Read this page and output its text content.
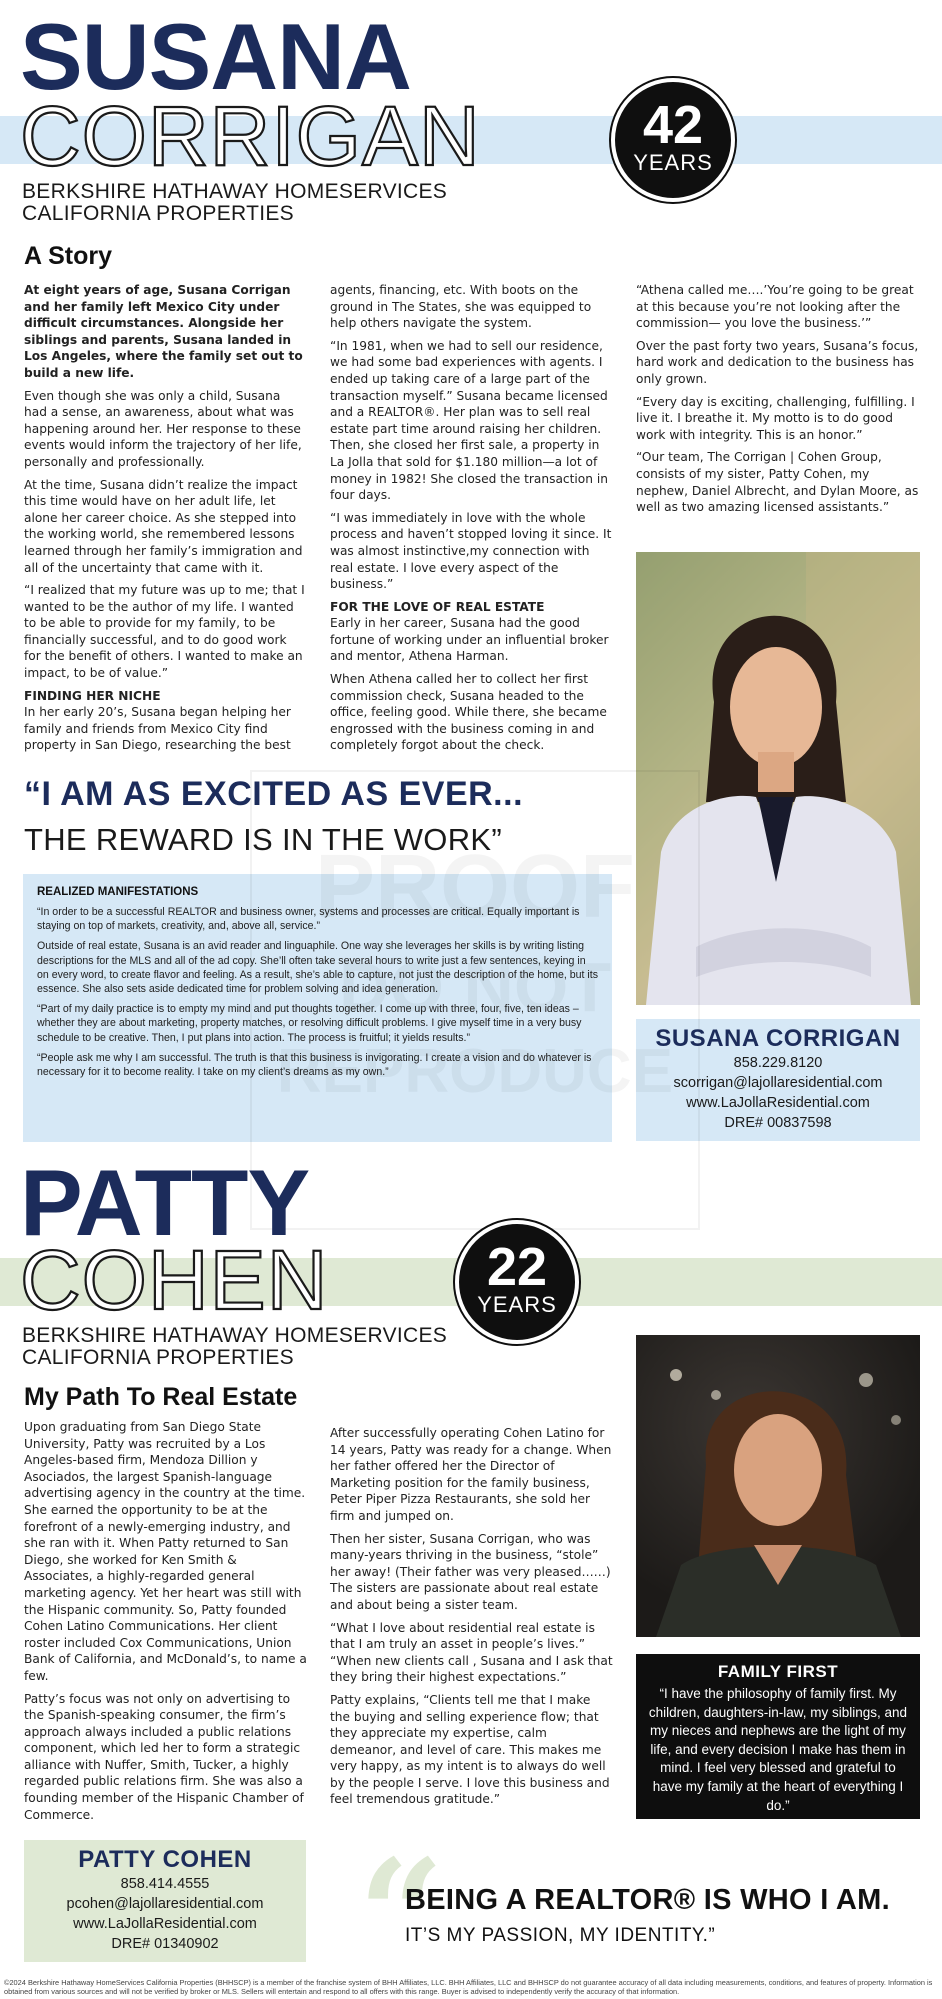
SUSANA
CORRIGAN	42
YEARS
BERKSHIRE HATHAWAY HOMESERVICES
CALIFORNIA PROPERTIES
A Story

At eight years of age, Susana Corrigan and her family left Mexico City under difficult circumstances. Alongside her siblings and parents, Susana landed in Los Angeles, where the family set out to build a new life.

Even though she was only a child, Susana had a sense, an awareness, about what was happening around her. Her response to these events would inform the trajectory of her life, personally and professionally.

At the time, Susana didn’t realize the impact this time would have on her adult life, let alone her career choice. As she stepped into the working world, she remembered lessons learned through her family’s immigration and all of the uncertainty that came with it.

“I realized that my future was up to me; that I wanted to be the author of my life. I wanted to be able to provide for my family, to be financially successful, and to do good work for the benefit of others. I wanted to make an impact, to be of value.”

FINDING HER NICHE

In her early 20’s, Susana began helping her family and friends from Mexico City find property in San Diego, researching the best

agents, financing, etc. With boots on the ground in The States, she was equipped to help others navigate the system.

“In 1981, when we had to sell our residence, we had some bad experiences with agents. I ended up taking care of a large part of the transaction myself.” Susana became licensed and a REALTOR®. Her plan was to sell real estate part time around raising her children. Then, she closed her first sale, a property in La Jolla that sold for $1.180 million—a lot of money in 1982! She closed the transaction in four days.

“I was immediately in love with the whole process and haven’t stopped loving it since. It was almost instinctive,my connection with real estate. I love every aspect of the business.”

FOR THE LOVE OF REAL ESTATE

Early in her career, Susana had the good fortune of working under an influential broker and mentor, Athena Harman.

When Athena called her to collect her first commission check, Susana headed to the office, feeling good. While there, she became engrossed with the business coming in and completely forgot about the check.

“Athena called me….’You’re going to be great at this because you’re not looking after the commission— you love the business.’”

Over the past forty two years, Susana’s focus, hard work and dedication to the business has only grown.

“Every day is exciting, challenging, fulfilling. I live it. I breathe it. My motto is to do good work with integrity. This is an honor.”

“Our team, The Corrigan | Cohen Group, consists of my sister, Patty Cohen, my nephew, Daniel Albrecht, and Dylan Moore, as well as two amazing licensed assistants.”

SUSANA CORRIGAN
858.229.8120
scorrigan@lajollaresidential.com
www.LaJollaResidential.com
DRE# 00837598
“I AM AS EXCITED AS EVER...
THE REWARD IS IN THE WORK”
REALIZED MANIFESTATIONS

“In order to be a successful REALTOR and business owner, systems and processes are critical. Equally important is staying on top of markets, creativity, and, above all, service.”

Outside of real estate, Susana is an avid reader and linguaphile. One way she leverages her skills is by writing listing descriptions for the MLS and all of the ad copy. She’ll often take several hours to write just a few sentences, keying in on every word, to create flavor and feeling. As a result, she’s able to capture, not just the description of the home, but its essence. She also sets aside dedicated time for problem solving and idea generation.

“Part of my daily practice is to empty my mind and put thoughts together. I come up with three, four, five, ten ideas – whether they are about marketing, property matches, or resolving difficult problems. I give myself time in a very busy schedule to be creative. Then, I put plans into action. The process is fruitful; it yields results.”

“People ask me why I am successful. The truth is that this business is invigorating. I create a vision and do whatever is necessary for it to become reality. I take on my client’s dreams as my own.”

PATTY
COHEN	22
YEARS
BERKSHIRE HATHAWAY HOMESERVICES
CALIFORNIA PROPERTIES
My Path To Real Estate

Upon graduating from San Diego State University, Patty was recruited by a Los Angeles-based firm, Mendoza Dillion y Asociados, the largest Spanish-language advertising agency in the country at the time. She earned the opportunity to be at the forefront of a newly-emerging industry, and she ran with it. When Patty returned to San Diego, she worked for Ken Smith & Associates, a highly-regarded general marketing agency. Yet her heart was still with the Hispanic community. So, Patty founded Cohen Latino Communications. Her client roster included Cox Communications, Union Bank of California, and McDonald’s, to name a few.

Patty’s focus was not only on advertising to the Spanish-speaking consumer, the firm’s approach always included a public relations component, which led her to form a strategic alliance with Nuffer, Smith, Tucker, a highly regarded public relations firm. She was also a founding member of the Hispanic Chamber of Commerce.

After successfully operating Cohen Latino for 14 years, Patty was ready for a change. When her father offered her the Director of Marketing position for the family business, Peter Piper Pizza Restaurants, she sold her firm and jumped on.

Then her sister, Susana Corrigan, who was many-years thriving in the business, “stole” her away! (Their father was very pleased……) The sisters are passionate about real estate and about being a sister team.

“What I love about residential real estate is that I am truly an asset in people’s lives.” “When new clients call , Susana and I ask that they bring their highest expectations.”

Patty explains, “Clients tell me that I make the buying and selling experience flow; that they appreciate my expertise, calm demeanor, and level of care. This makes me very happy, as my intent is to always do well by the people I serve. I love this business and feel tremendous gratitude.”

FAMILY FIRST
“I have the philosophy of family first. My children, daughters-in-law, my siblings, and my nieces and nephews are the light of my life, and every decision I make has them in mind. I feel very blessed and grateful to have my family at the heart of everything I do.”
PATTY COHEN
858.414.4555
pcohen@lajollaresidential.com
www.LaJollaResidential.com
DRE# 01340902 “
BEING A REALTOR® IS WHO I AM.
IT’S MY PASSION, MY IDENTITY.”
©2024 Berkshire Hathaway HomeServices California Properties (BHHSCP) is a member of the franchise system of BHH Affiliates, LLC. BHH Affiliates, LLC and BHHSCP do not guarantee accuracy of all data including measurements, conditions, and features of property. Information is obtained from various sources and will not be verified by broker or MLS. Sellers will entertain and respond to all offers with this range. Buyer is advised to independently verify the accuracy of that information.
